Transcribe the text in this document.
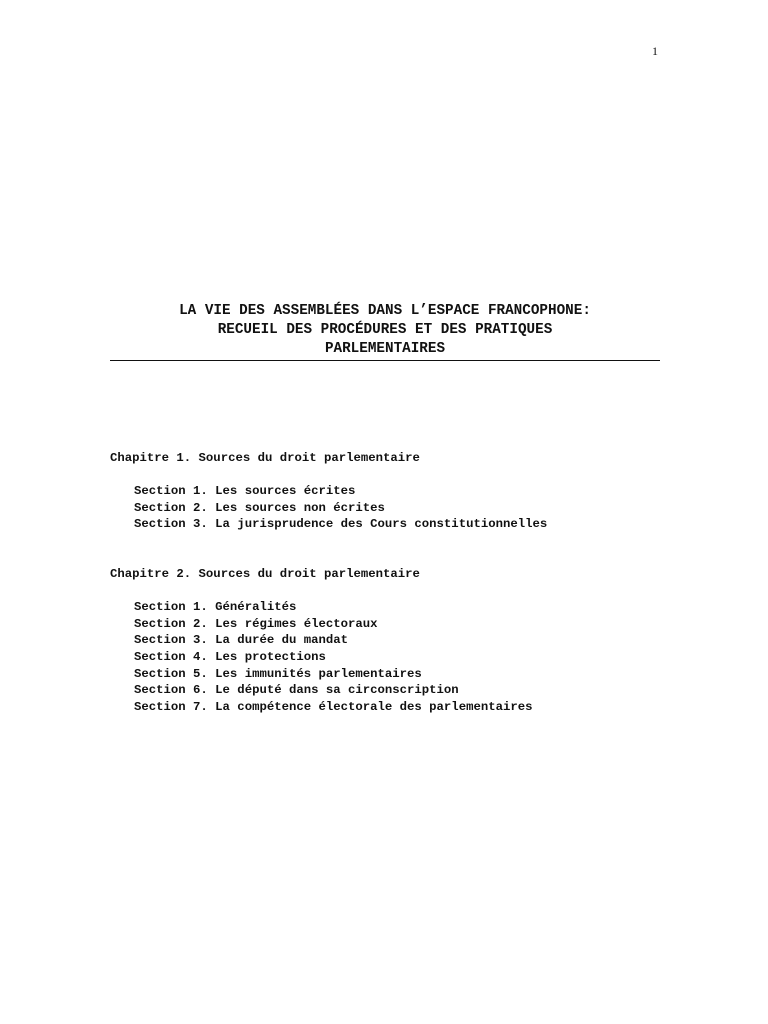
1
LA VIE DES ASSEMBLÉES DANS L’ESPACE FRANCOPHONE:
RECUEIL DES PROCÉDURES ET DES PRATIQUES
PARLEMENTAIRES
Chapitre 1. Sources du droit parlementaire
Section 1. Les sources écrites
Section 2. Les sources non écrites
Section 3. La jurisprudence des Cours constitutionnelles
Chapitre 2. Sources du droit parlementaire
Section 1. Généralités
Section 2. Les régimes électoraux
Section 3. La durée du mandat
Section 4. Les protections
Section 5. Les immunités parlementaires
Section 6. Le député dans sa circonscription
Section 7. La compétence électorale des parlementaires
